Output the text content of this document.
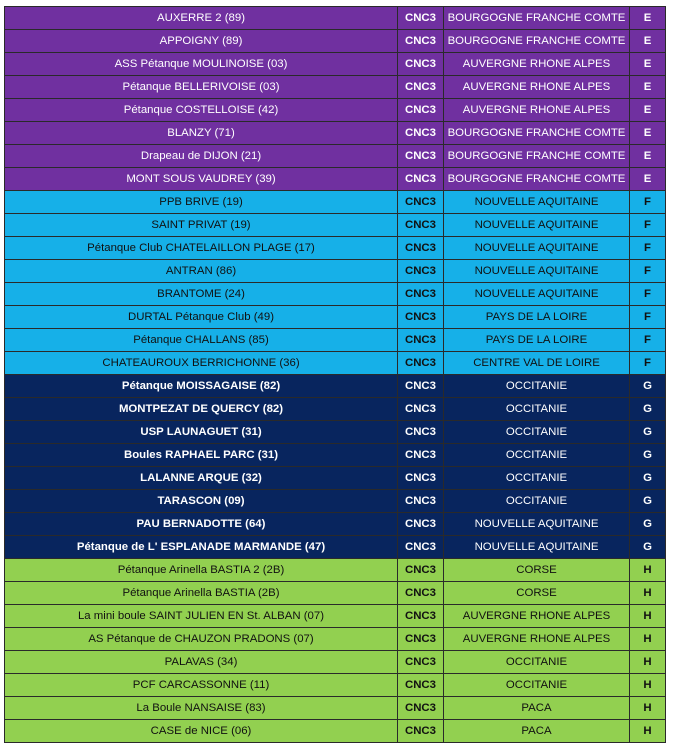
AUXERRE 2 (89)	CNC3	BOURGOGNE FRANCHE COMTE	E
APPOIGNY (89)	CNC3	BOURGOGNE FRANCHE COMTE	E
ASS Pétanque MOULINOISE (03)	CNC3	AUVERGNE RHONE ALPES	E
Pétanque BELLERIVOISE (03)	CNC3	AUVERGNE RHONE ALPES	E
Pétanque COSTELLOISE (42)	CNC3	AUVERGNE RHONE ALPES	E
BLANZY (71)	CNC3	BOURGOGNE FRANCHE COMTE	E
Drapeau de DIJON (21)	CNC3	BOURGOGNE FRANCHE COMTE	E
MONT SOUS VAUDREY (39)	CNC3	BOURGOGNE FRANCHE COMTE	E
PPB BRIVE (19)	CNC3	NOUVELLE AQUITAINE	F
SAINT PRIVAT (19)	CNC3	NOUVELLE AQUITAINE	F
Pétanque Club CHATELAILLON PLAGE (17)	CNC3	NOUVELLE AQUITAINE	F
ANTRAN (86)	CNC3	NOUVELLE AQUITAINE	F
BRANTOME (24)	CNC3	NOUVELLE AQUITAINE	F
DURTAL Pétanque Club (49)	CNC3	PAYS DE LA LOIRE	F
Pétanque CHALLANS (85)	CNC3	PAYS DE LA LOIRE	F
CHATEAUROUX BERRICHONNE (36)	CNC3	CENTRE VAL DE LOIRE	F
Pétanque MOISSAGAISE (82)	CNC3	OCCITANIE	G
MONTPEZAT DE QUERCY (82)	CNC3	OCCITANIE	G
USP LAUNAGUET (31)	CNC3	OCCITANIE	G
Boules RAPHAEL PARC (31)	CNC3	OCCITANIE	G
LALANNE ARQUE (32)	CNC3	OCCITANIE	G
TARASCON (09)	CNC3	OCCITANIE	G
PAU BERNADOTTE (64)	CNC3	NOUVELLE AQUITAINE	G
Pétanque de L' ESPLANADE MARMANDE (47)	CNC3	NOUVELLE AQUITAINE	G
Pétanque Arinella BASTIA 2 (2B)	CNC3	CORSE	H
Pétanque Arinella BASTIA (2B)	CNC3	CORSE	H
La mini boule SAINT JULIEN EN St. ALBAN (07)	CNC3	AUVERGNE RHONE ALPES	H
AS Pétanque de CHAUZON PRADONS (07)	CNC3	AUVERGNE RHONE ALPES	H
PALAVAS (34)	CNC3	OCCITANIE	H
PCF CARCASSONNE (11)	CNC3	OCCITANIE	H
La Boule NANSAISE (83)	CNC3	PACA	H
CASE de NICE (06)	CNC3	PACA	H
